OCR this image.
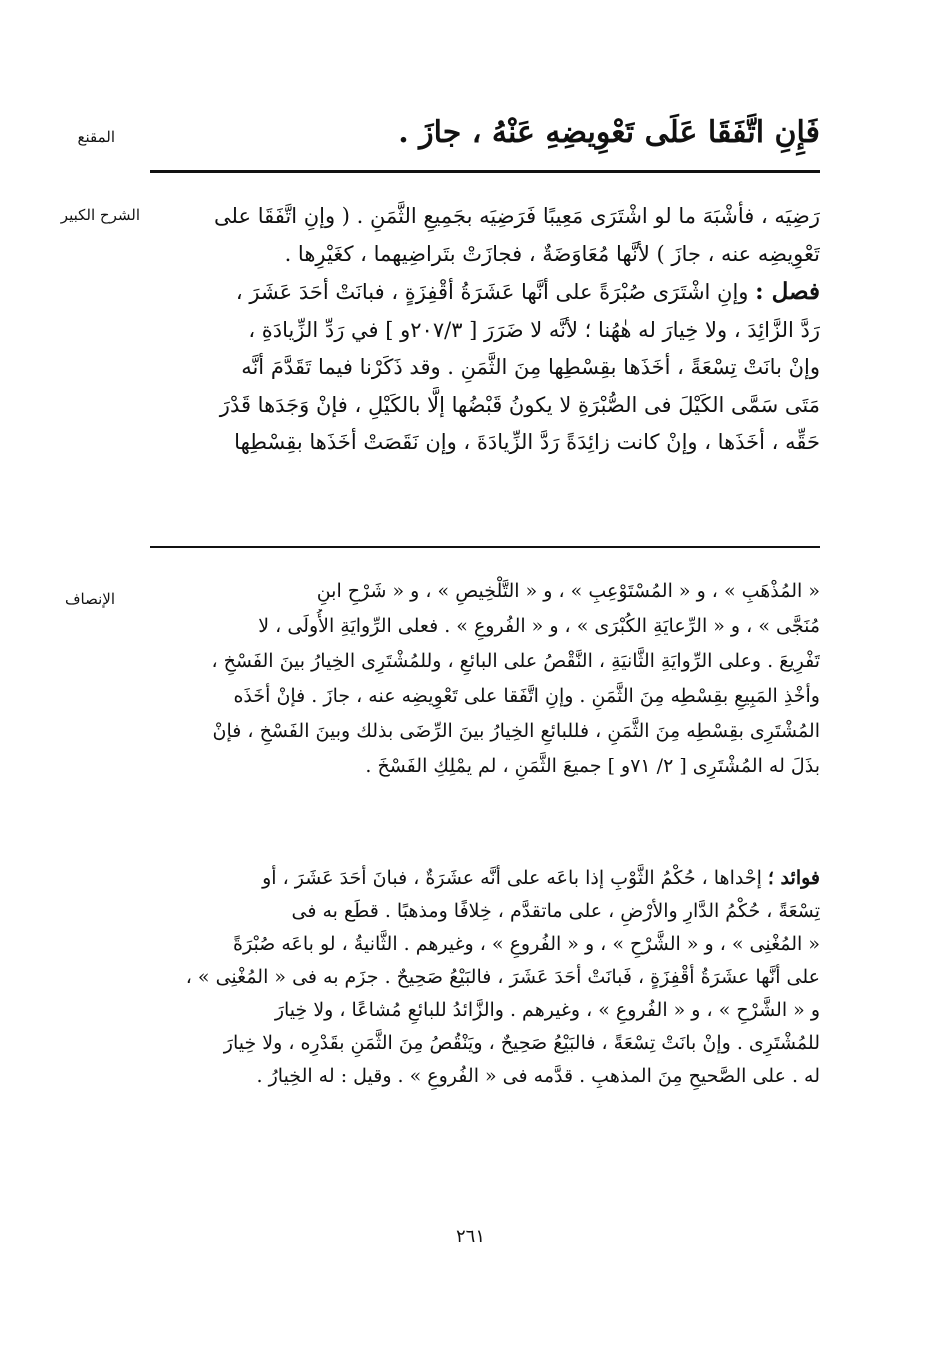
المقنع	فَإِنِ اتَّفَقَا عَلَى تَعْوِيضِهِ عَنْهُ ، جازَ .
الشرح الكبير	رَضِيَه ، فأشْبَهَ ما لو اشْتَرَى مَعِيبًا فَرَضِيَه بجَمِيعِ الثَّمَنِ . ( وإنِ اتَّفَقَا على
تَعْوِيضِه عنه ، جازَ ) لأنَّها مُعَاوَضَةٌ ، فجازَتْ بتَراضِيهما ، كغَيْرِها .
فصل : وإنِ اشْتَرَى صُبْرَةً على أنَّها عَشَرَةُ أقْفِزَةٍ ، فبانَتْ أحَدَ عَشَرَ ،
رَدَّ الزَّائِدَ ، ولا خِيارَ له هٰهُنا ؛ لأنَّه لا ضَرَرَ [ ٢٠٧/٣و ] في رَدِّ الزِّيادَةِ ،
وإنْ بانَتْ تِسْعَةً ، أخَذَها بقِسْطِها مِنَ الثَّمَنِ . وقد ذَكَرْنا فيما تَقَدَّمَ أنَّه
مَتَى سَمَّى الكَيْلَ فى الصُّبْرَةِ لا يكونُ قَبْضُها إلَّا بالكَيْلِ ، فإنْ وَجَدَها قَدْرَ
حَقِّه ، أخَذَها ، وإنْ كانت زائِدَةً رَدَّ الزِّيادَةَ ، وإن نَقَصَتْ أخَذَها بقِسْطِها
الإنصاف	« المُذْهَبِ » ، و « المُسْتَوْعِبِ » ، و « التَّلْخِيصِ » ، و « شَرْحِ ابنِ
مُنَجَّى » ، و « الرِّعايَةِ الكُبْرَى » ، و « الفُروعِ » . فعلى الرِّوايَةِ الأُولَى ، لا
تَفْرِيعَ . وعلى الرِّوايَةِ الثَّانيَةِ ، النَّقْصُ على البائعِ ، وللمُشْتَرِى الخِيارُ بينَ الفَسْخِ ،
وأخْذِ المَبِيعِ بقِسْطِه مِنَ الثَّمَنِ . وإنِ اتَّفَقا على تَعْوِيضِه عنه ، جازَ . فإنْ أخَذَه
المُشْتَرِى بقِسْطِه مِنَ الثَّمَنِ ، فللبائعِ الخِيارُ بينَ الرِّضَى بذلك وبينَ الفَسْخِ ، فإنْ
بذَلَ له المُشْتَرِى [ ٢/ ٧١و ] جميعَ الثَّمَنِ ، لم يمْلِكِ الفَسْخَ .
فوائد ؛ إحْداها ، حُكْمُ الثَّوْبِ إذا باعَه على أنَّه عشَرَةٌ ، فبانَ أحَدَ عَشَرَ ، أو
تِسْعَةً ، حُكْمُ الدَّارِ والأرْضِ ، على ماتقدَّم ، خِلافًا ومذهبًا . قطَع به فى
« المُغْنِى » ، و « الشَّرْحِ » ، و « الفُروعِ » ، وغيرهم . الثَّانيةُ ، لو باعَه صُبْرَةً
على أنَّها عشَرَةُ أقْفِزَةٍ ، فَبانَتْ أحَدَ عَشَرَ ، فالبَيْعُ صَحِيحٌ . جزَم به فى « المُغْنِى » ،
و « الشَّرْحِ » ، و « الفُروعِ » ، وغيرهم . والزَّائدُ للبائعِ مُشاعًا ، ولا خِيارَ
للمُشْتَرِى . وإنْ بانَتْ تِسْعَةً ، فالبَيْعُ صَحِيحٌ ، ويَنْقُصُ مِنَ الثَّمَنِ بقَدْرِه ، ولا خِيارَ
له . على الصَّحيحِ مِنَ المذهبِ . قدَّمه فى « الفُروعِ » . وقيل : له الخِيارُ .
٢٦١
